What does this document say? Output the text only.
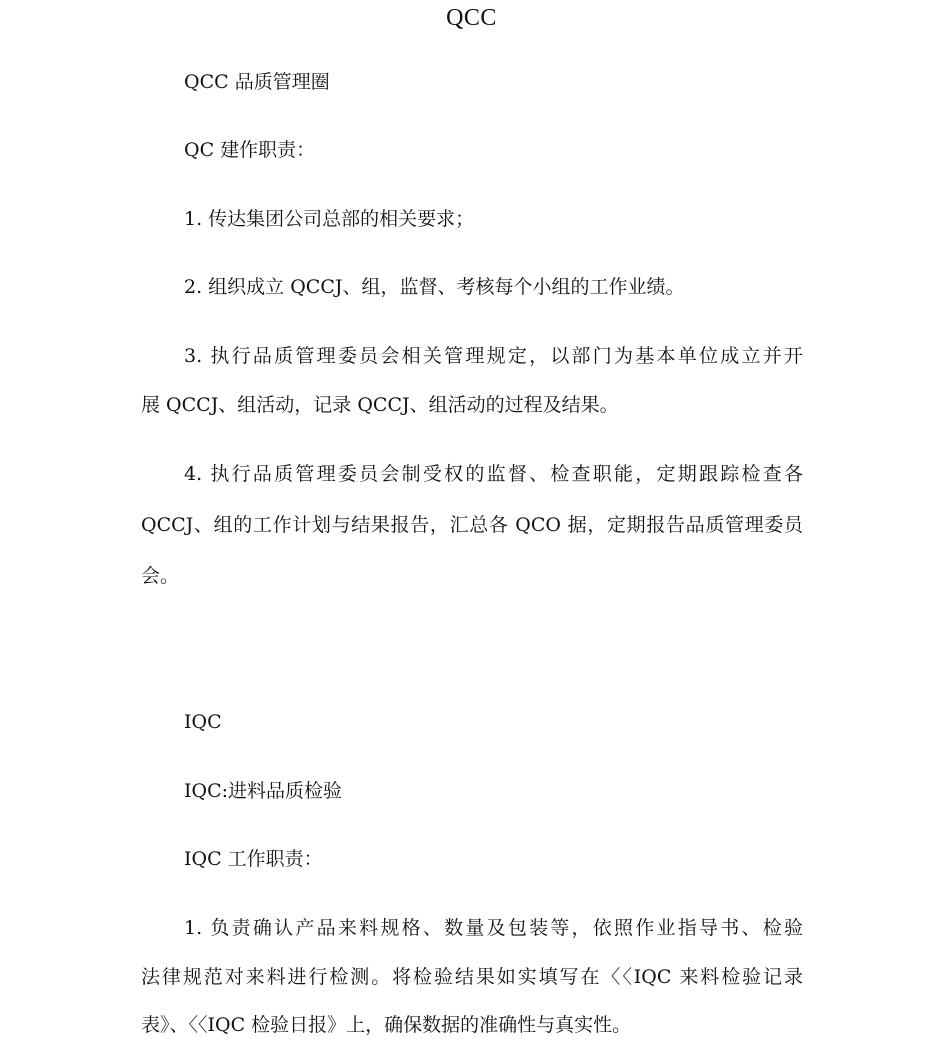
QCC
QCC 品质管理圈
QC 建作职责：
1. 传达集团公司总部的相关要求；
2. 组织成立 QCCJ、组，监督、考核每个小组的工作业绩。
3. 执行品质管理委员会相关管理规定，以部门为基本单位成立并开
展 QCCJ、组活动，记录 QCCJ、组活动的过程及结果。
4. 执行品质管理委员会制受权的监督、检查职能，定期跟踪检查各
QCCJ、组的工作计划与结果报告，汇总各 QCO 据，定期报告品质管理委员
会。
IQC
IQC:进料品质检验
IQC 工作职责：
1. 负责确认产品来料规格、数量及包装等，依照作业指导书、检验
法律规范对来料进行检测。将检验结果如实填写在〈〈IQC 来料检验记录
表》、〈〈IQC 检验日报》上，确保数据的准确性与真实性。
